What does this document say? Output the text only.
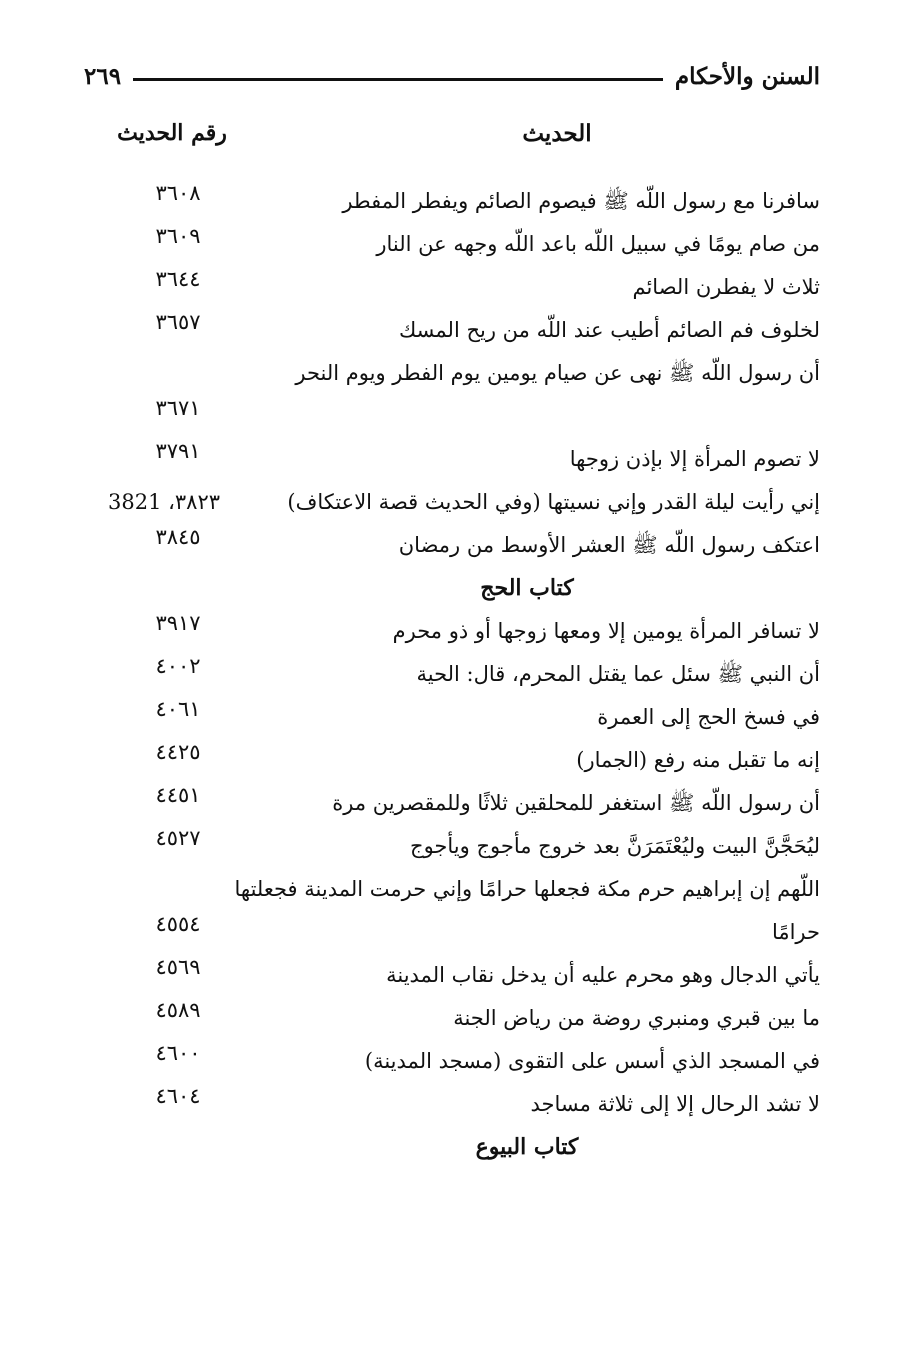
السنن والأحكام
٢٦٩
الحديث
رقم الحديث
سافرنا مع رسول اللّه ﷺ فيصوم الصائم ويفطر المفطر
٣٦٠٨
من صام يومًا في سبيل اللّه باعد اللّه وجهه عن النار
٣٦٠٩
ثلاث لا يفطرن الصائم
٣٦٤٤
لخلوف فم الصائم أطيب عند اللّه من ريح المسك
٣٦٥٧
أن رسول اللّه ﷺ نهى عن صيام يومين يوم الفطر ويوم النحر
٣٦٧١
لا تصوم المرأة إلا بإذن زوجها
٣٧٩١
إني رأيت ليلة القدر وإني نسيتها (وفي الحديث قصة الاعتكاف)
٣٨٢٣، 3821
اعتكف رسول اللّه ﷺ العشر الأوسط من رمضان
٣٨٤٥
كتاب الحج
لا تسافر المرأة يومين إلا ومعها زوجها أو ذو محرم
٣٩١٧
أن النبي ﷺ سئل عما يقتل المحرم، قال: الحية
٤٠٠٢
في فسخ الحج إلى العمرة
٤٠٦١
إنه ما تقبل منه رفع (الجمار)
٤٤٢٥
أن رسول اللّه ﷺ استغفر للمحلقين ثلاثًا وللمقصرين مرة
٤٤٥١
ليُحَجَّنَّ البيت وليُعْتَمَرَنَّ بعد خروج مأجوج ويأجوج
٤٥٢٧
اللّهم إن إبراهيم حرم مكة فجعلها حرامًا وإني حرمت المدينة فجعلتها حرامًا
٤٥٥٤
يأتي الدجال وهو محرم عليه أن يدخل نقاب المدينة
٤٥٦٩
ما بين قبري ومنبري روضة من رياض الجنة
٤٥٨٩
في المسجد الذي أسس على التقوى (مسجد المدينة)
٤٦٠٠
لا تشد الرحال إلا إلى ثلاثة مساجد
٤٦٠٤
كتاب البيوع
